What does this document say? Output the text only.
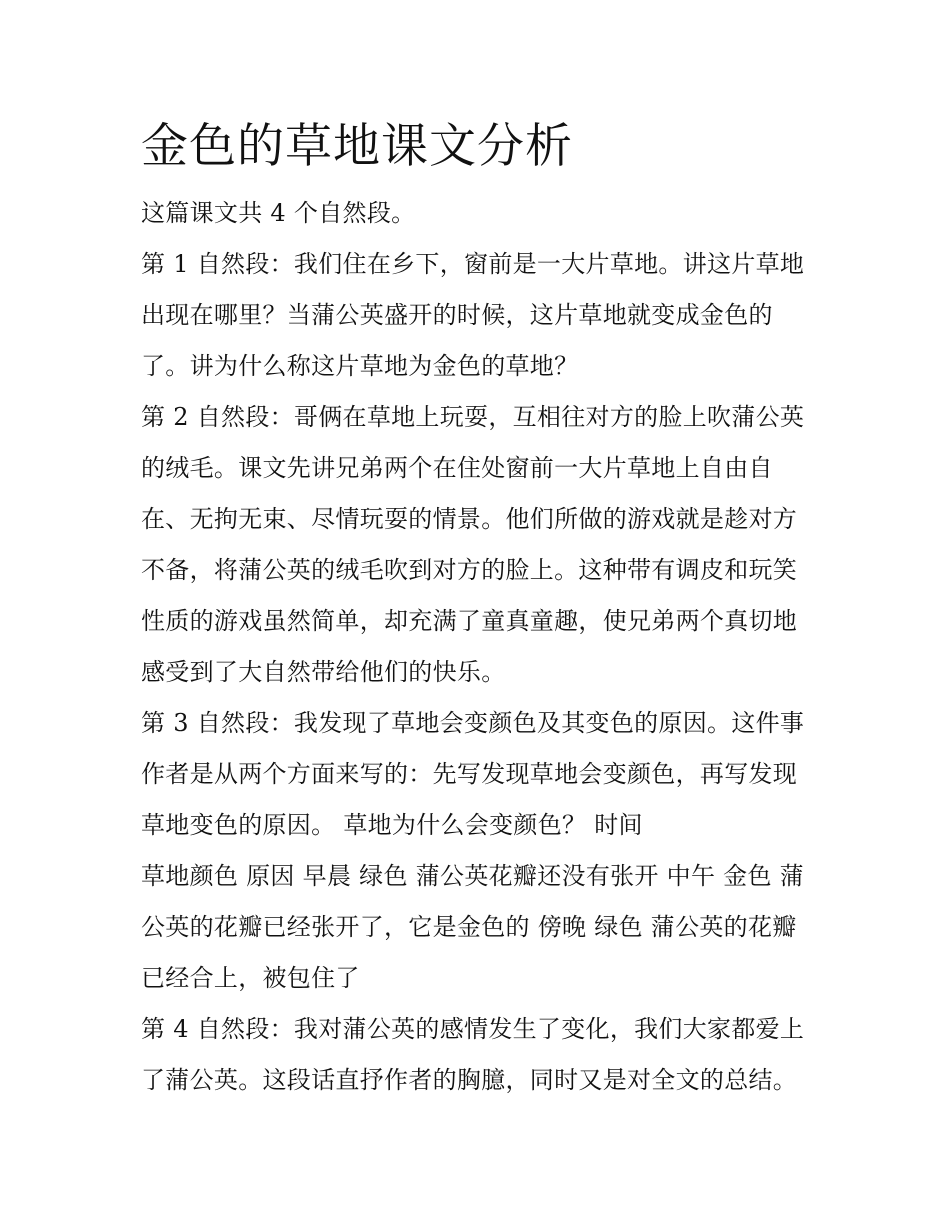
金色的草地课文分析
这篇课文共 4 个自然段。
第 1 自然段：我们住在乡下，窗前是一大片草地。讲这片草地
出现在哪里？当蒲公英盛开的时候，这片草地就变成金色的
了。讲为什么称这片草地为金色的草地？
第 2 自然段：哥俩在草地上玩耍，互相往对方的脸上吹蒲公英
的绒毛。课文先讲兄弟两个在住处窗前一大片草地上自由自
在、无拘无束、尽情玩耍的情景。他们所做的游戏就是趁对方
不备，将蒲公英的绒毛吹到对方的脸上。这种带有调皮和玩笑
性质的游戏虽然简单，却充满了童真童趣，使兄弟两个真切地
感受到了大自然带给他们的快乐。
第 3 自然段：我发现了草地会变颜色及其变色的原因。这件事
作者是从两个方面来写的：先写发现草地会变颜色，再写发现
草地变色的原因。 草地为什么会变颜色？ 时间
草地颜色 原因 早晨 绿色 蒲公英花瓣还没有张开 中午 金色 蒲
公英的花瓣已经张开了，它是金色的 傍晚 绿色 蒲公英的花瓣
已经合上，被包住了
第 4 自然段：我对蒲公英的感情发生了变化，我们大家都爱上
了蒲公英。这段话直抒作者的胸臆，同时又是对全文的总结。
